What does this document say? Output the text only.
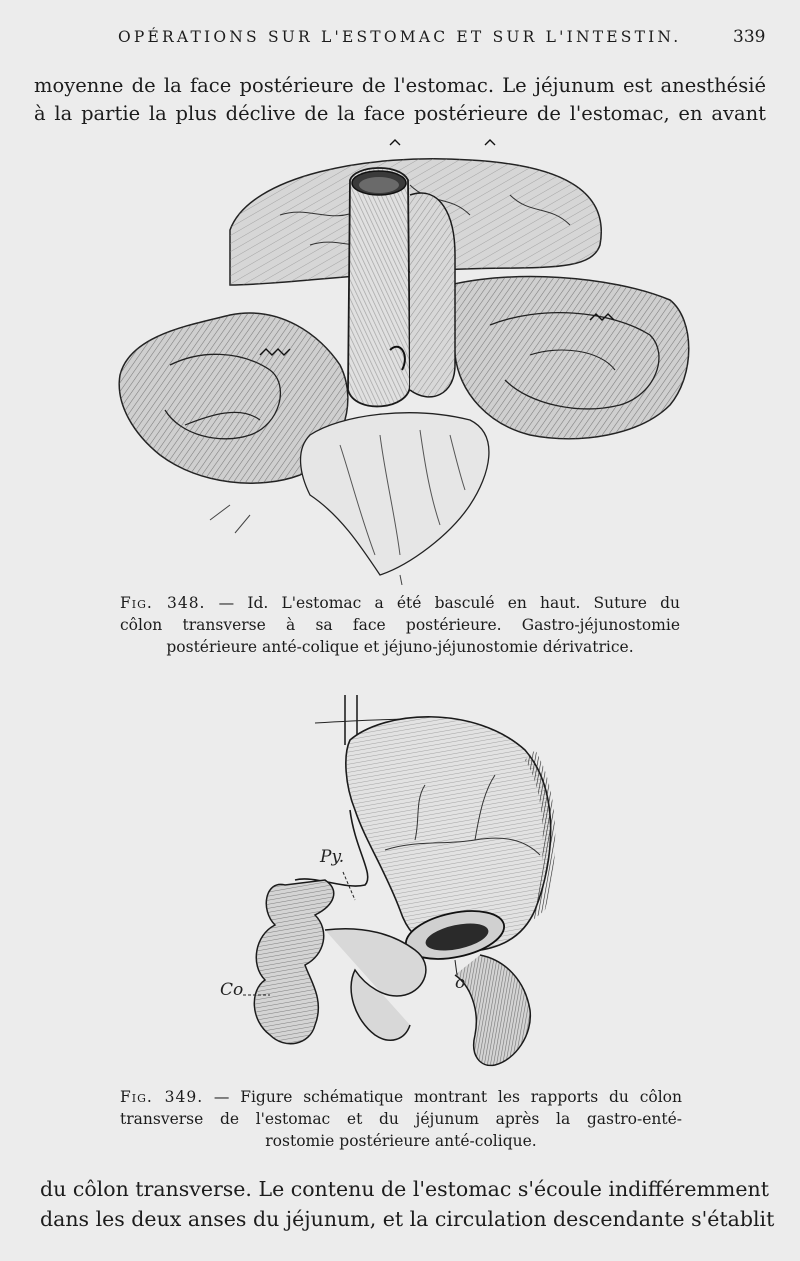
OPÉRATIONS SUR L'ESTOMAC ET SUR L'INTESTIN.	339
moyenne de la face postérieure de l'estomac. Le jéjunum est anesthésié
à la partie la plus déclive de la face postérieure de l'estomac, en avant
Fig. 348. — Id. L'estomac a été basculé en haut. Suture du
côlon transverse à sa face postérieure. Gastro-jéjunostomie
postérieure anté-colique et jéjuno-jéjunostomie dérivatrice.
Py.
Co	o
Fig. 349. — Figure schématique montrant les rapports du côlon
transverse de l'estomac et du jéjunum après la gastro-enté-
rostomie postérieure anté-colique.
du côlon transverse. Le contenu de l'estomac s'écoule indifféremment
dans les deux anses du jéjunum, et la circulation descendante s'établit
